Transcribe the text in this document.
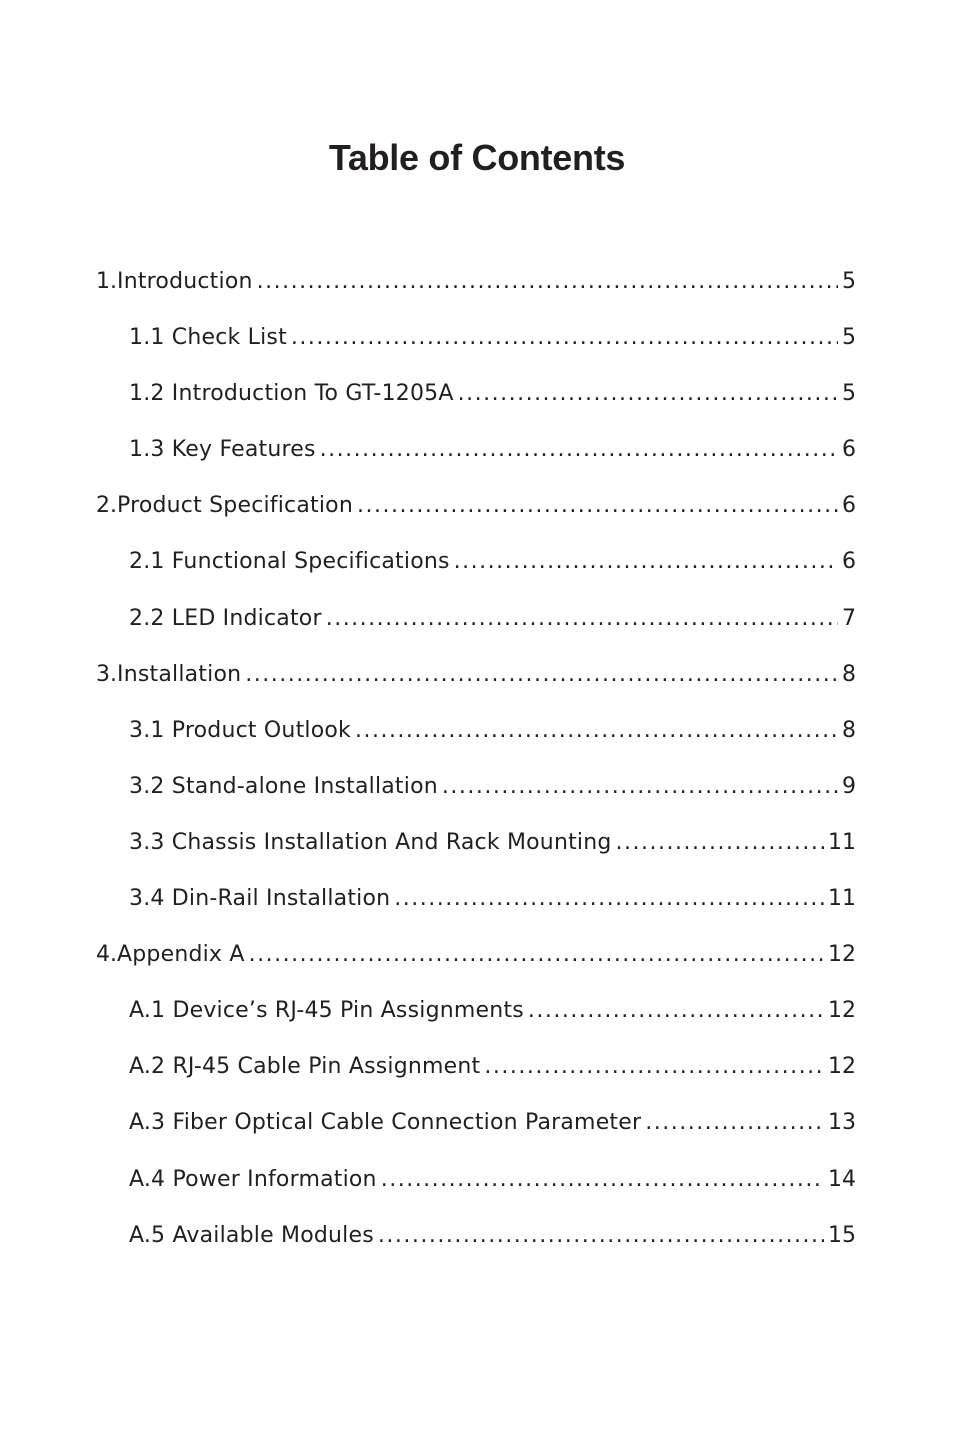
Table of Contents
1. Introduction .....	5
1.1 Check List .....	5
1.2 Introduction To GT-1205A .....	5
1.3 Key Features .....	6
2. Product Specification .....	6
2.1 Functional Specifications .....	6
2.2 LED Indicator .....	7
3. Installation .....	8
3.1 Product Outlook .....	8
3.2 Stand-alone Installation .....	9
3.3 Chassis Installation And Rack Mounting .....	11
3.4 Din-Rail Installation .....	11
4. Appendix A .....	12
A.1 Device’s RJ-45 Pin Assignments .....	12
A.2 RJ-45 Cable Pin Assignment .....	12
A.3 Fiber Optical Cable Connection Parameter .....	13
A.4 Power Information .....	14
A.5 Available Modules .....	15
